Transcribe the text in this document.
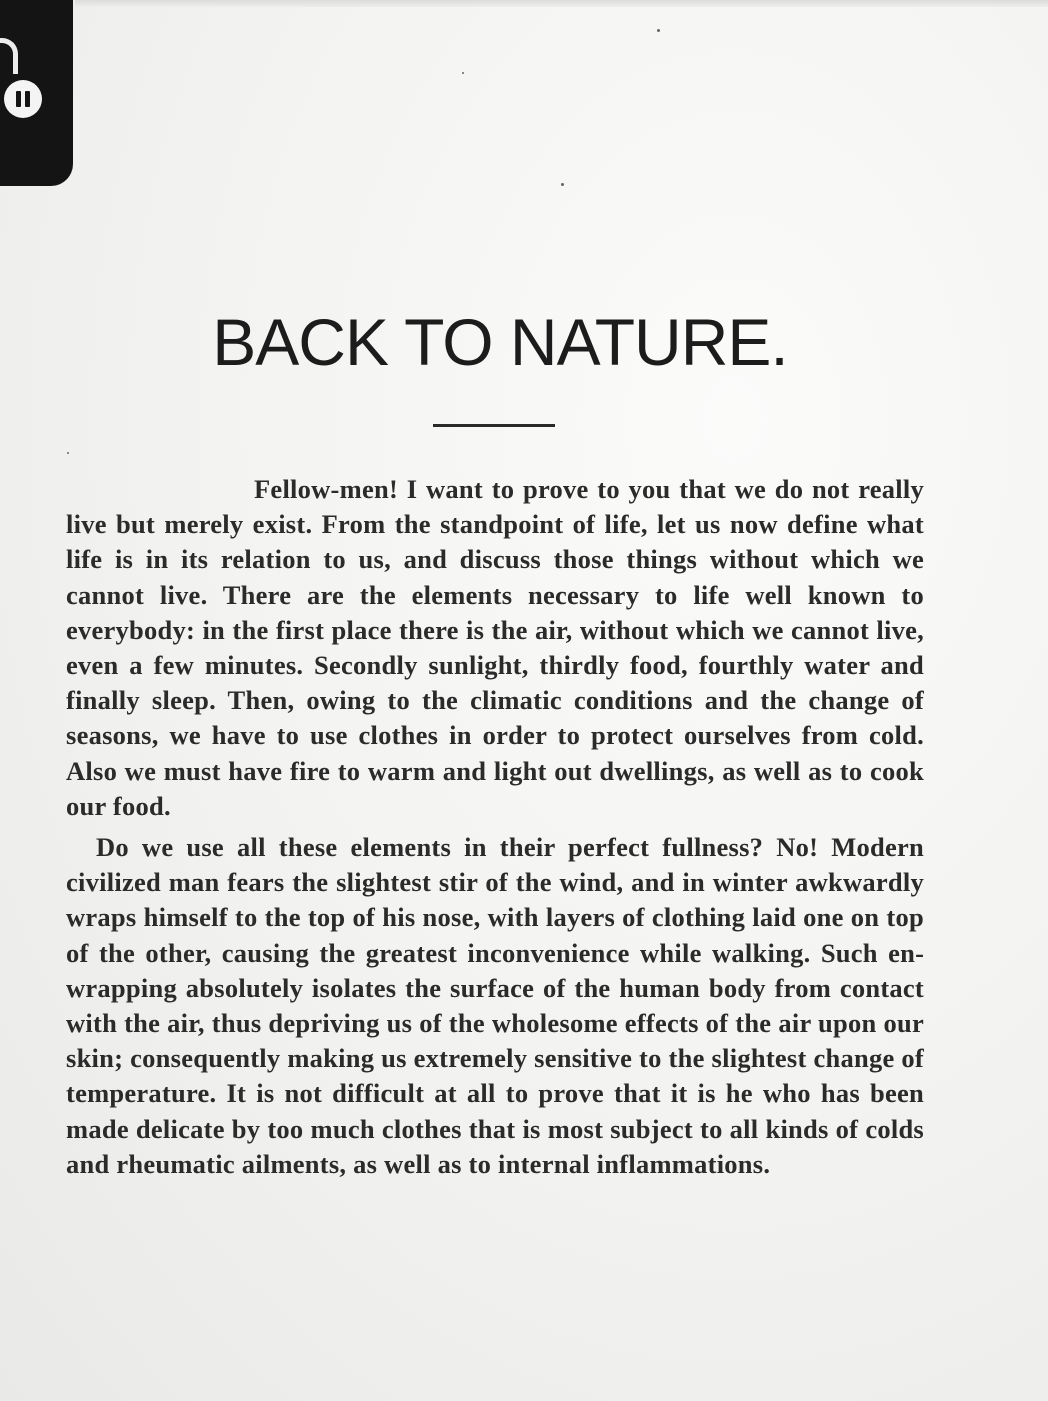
BACK TO NATURE.

Fellow-men! I want to prove to you that we do not really live but merely exist. From the standpoint of life, let us now define what life is in its relation to us, and discuss those things without which we cannot live. There are the elements necessary to life well known to everybody: in the first place there is the air, without which we cannot live, even a few minutes. Secondly sunlight, thirdly food, fourthly water and finally sleep. Then, owing to the climatic conditions and the change of seasons, we have to use clothes in order to protect ourselves from cold. Also we must have fire to warm and light out dwellings, as well as to cook our food.

Do we use all these elements in their perfect fullness? No! Modern civilized man fears the slightest stir of the wind, and in winter awkwardly wraps himself to the top of his nose, with layers of clothing laid one on top of the other, causing the greatest inconvenience while walking. Such enwrapping absolutely isolates the surface of the human body from contact with the air, thus depriving us of the wholesome effects of the air upon our skin; consequently making us extremely sensitive to the slightest change of temperature. It is not difficult at all to prove that it is he who has been made delicate by too much clothes that is most subject to all kinds of colds and rheumatic ailments, as well as to internal inflammations.
